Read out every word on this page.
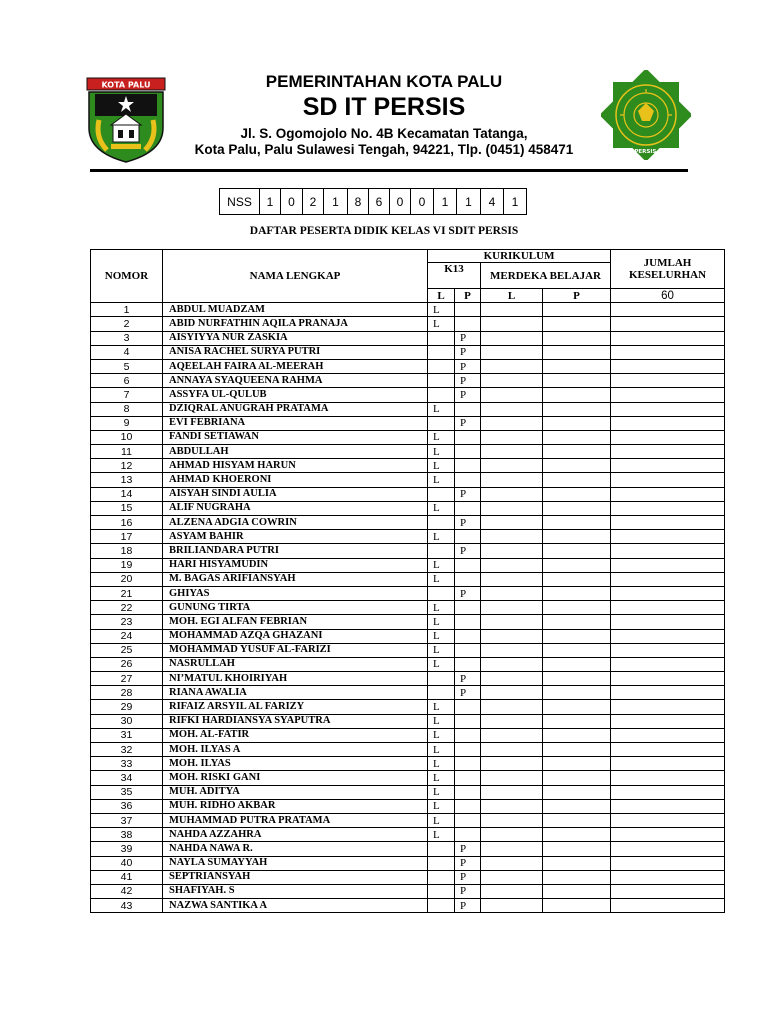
KOTA PALU	PEMERINTAHAN KOTA PALU
SD IT PERSIS
Jl. S. Ogomojolo No. 4B Kecamatan Tatanga,
Kota Palu, Palu Sulawesi Tengah, 94221, Tlp. (0451) 458471	SDIT PERSIS PALU
NSS	1	0	2	1	8	6	0	0	1	1	4	1
DAFTAR PESERTA DIDIK KELAS VI SDIT PERSIS
NOMOR	NAMA LENGKAP	KURIKULUM				JUMLAH KESELURHAN
		K13		MERDEKA BELAJAR		
		L	P	L	P	60
1	ABDUL MUADZAM	L				
2	ABID NURFATHIN AQILA PRANAJA	L				
3	AISYIYYA NUR ZASKIA		P			
4	ANISA RACHEL SURYA PUTRI		P			
5	AQEELAH FAIRA AL-MEERAH		P			
6	ANNAYA SYAQUEENA RAHMA		P			
7	ASSYFA UL-QULUB		P			
8	DZIQRAL ANUGRAH PRATAMA	L				
9	EVI FEBRIANA		P			
10	FANDI SETIAWAN	L				
11	ABDULLAH	L				
12	AHMAD HISYAM HARUN	L				
13	AHMAD KHOERONI	L				
14	AISYAH SINDI AULIA		P			
15	ALIF NUGRAHA	L				
16	ALZENA ADGIA COWRIN		P			
17	ASYAM BAHIR	L				
18	BRILIANDARA PUTRI		P			
19	HARI HISYAMUDIN	L				
20	M. BAGAS ARIFIANSYAH	L				
21	GHIYAS		P			
22	GUNUNG TIRTA	L				
23	MOH. EGI ALFAN FEBRIAN	L				
24	MOHAMMAD AZQA GHAZANI	L				
25	MOHAMMAD YUSUF AL-FARIZI	L				
26	NASRULLAH	L				
27	NI’MATUL KHOIRIYAH		P			
28	RIANA AWALIA		P			
29	RIFAIZ ARSYIL AL FARIZY	L				
30	RIFKI HARDIANSYA SYAPUTRA	L				
31	MOH. AL-FATIR	L				
32	MOH. ILYAS A	L				
33	MOH. ILYAS	L				
34	MOH. RISKI GANI	L				
35	MUH. ADITYA	L				
36	MUH. RIDHO AKBAR	L				
37	MUHAMMAD PUTRA PRATAMA	L				
38	NAHDA AZZAHRA	L				
39	NAHDA NAWA R.		P			
40	NAYLA SUMAYYAH		P			
41	SEPTRIANSYAH		P			
42	SHAFIYAH. S		P			
43	NAZWA SANTIKA A		P			
